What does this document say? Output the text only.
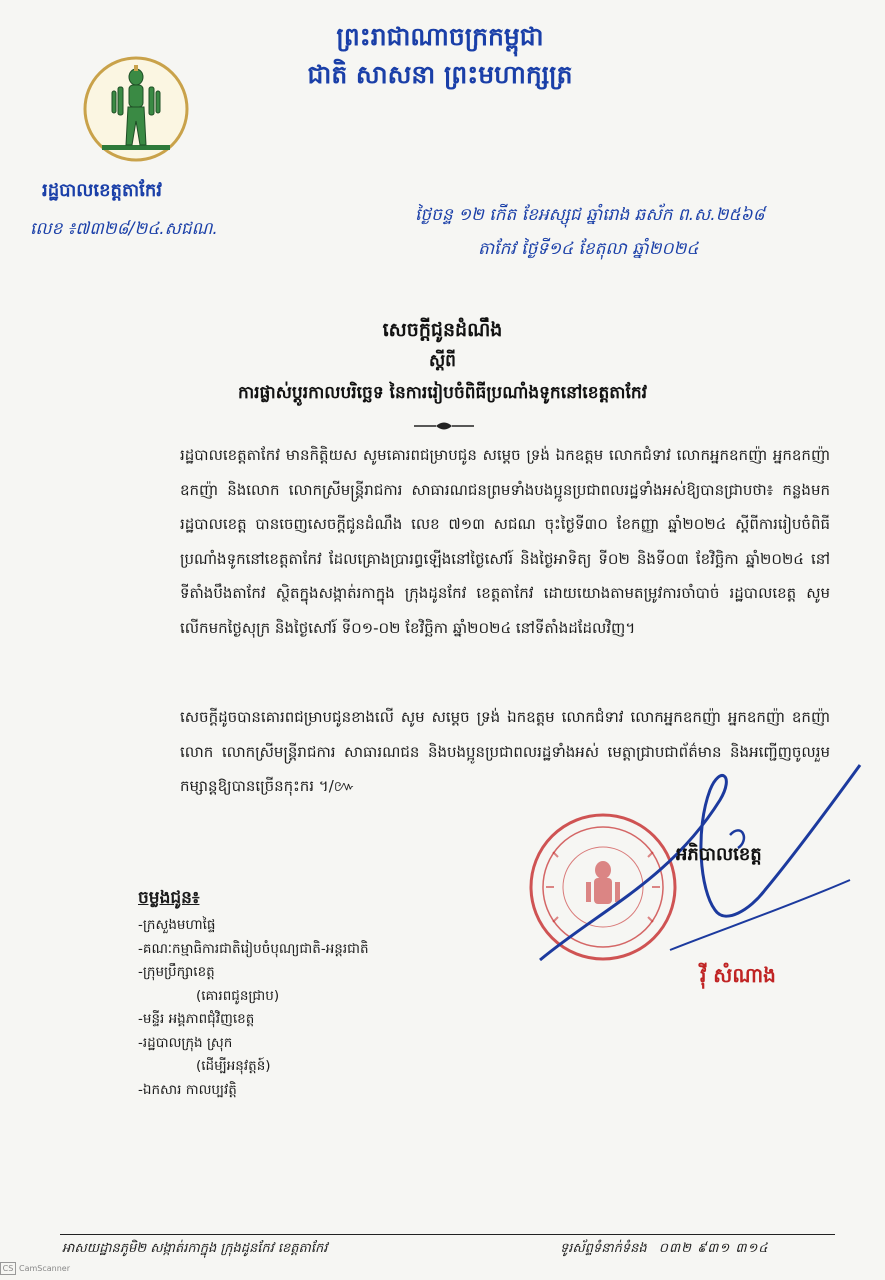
ព្រះរាជាណាចក្រកម្ពុជា
ជាតិ សាសនា ព្រះមហាក្សត្រ
រដ្ឋបាលខេត្តតាកែវ
លេខ ៖៧៣២៨/២៤.សជណ.
ថ្ងៃចន្ទ ១២ កើត ខែអស្សុជ ឆ្នាំរោង ឆស័ក ព.ស.២៥៦៨
តាកែវ ថ្ងៃទី១៤ ខែតុលា ឆ្នាំ២០២៤
សេចក្ដីជូនដំណឹង
ស្ដីពី
ការផ្លាស់ប្ដូរកាលបរិច្ឆេទ នៃការរៀបចំពិធីប្រណាំងទូកនៅខេត្តតាកែវ
រដ្ឋបាលខេត្តតាកែវ មានកិត្តិយស សូមគោរពជម្រាបជូន សម្ដេច ទ្រង់ ឯកឧត្ដម លោកជំទាវ លោកអ្នកឧកញ៉ា អ្នកឧកញ៉ា ឧកញ៉ា និងលោក លោកស្រីមន្ត្រីរាជការ សាធារណជនព្រមទាំងបងប្អូនប្រជាពលរដ្ឋទាំងអស់ឱ្យបានជ្រាបថា៖ កន្លងមក រដ្ឋបាលខេត្ត បានចេញសេចក្ដីជូនដំណឹង លេខ ៧១៣ សជណ ចុះថ្ងៃទី៣០ ខែកញ្ញា ឆ្នាំ២០២៤ ស្ដីពីការរៀបចំពិធីប្រណាំងទូកនៅខេត្តតាកែវ ដែលគ្រោងប្រារព្ធឡើងនៅថ្ងៃសៅរ៍ និងថ្ងៃអាទិត្យ ទី០២ និងទី០៣ ខែវិច្ឆិកា ឆ្នាំ២០២៤ នៅទីតាំងបឹងតាកែវ ស្ថិតក្នុងសង្កាត់រកាក្នុង ក្រុងដូនកែវ ខេត្តតាកែវ ដោយយោងតាមតម្រូវការចាំបាច់ រដ្ឋបាលខេត្ត សូមលើកមកថ្ងៃសុក្រ និងថ្ងៃសៅរ៍ ទី០១-០២ ខែវិច្ឆិកា ឆ្នាំ២០២៤ នៅទីតាំងដដែលវិញ។
សេចក្ដីដូចបានគោរពជម្រាបជូនខាងលើ សូម សម្ដេច ទ្រង់ ឯកឧត្ដម លោកជំទាវ លោកអ្នកឧកញ៉ា អ្នកឧកញ៉ា ឧកញ៉ា លោក លោកស្រីមន្ត្រីរាជការ សាធារណជន និងបងប្អូនប្រជាពលរដ្ឋទាំងអស់ មេត្តាជ្រាបជាព័ត៌មាន និងអញ្ជើញចូលរួមកម្សាន្តឱ្យបានច្រើនកុះករ ។/៚
អភិបាលខេត្ត
វ៉ី សំណាង
ចម្លងជូន៖
-ក្រសួងមហាផ្ទៃ
-គណៈកម្មាធិការជាតិរៀបចំបុណ្យជាតិ-អន្តរជាតិ
-ក្រុមប្រឹក្សាខេត្ត
(គោរពជូនជ្រាប)
-មន្ទីរ អង្គភាពជុំវិញខេត្ត
-រដ្ឋបាលក្រុង ស្រុក
(ដើម្បីអនុវត្តន៍)
-ឯកសារ កាលប្បវត្តិ
អាសយដ្ឋានភូមិ២ សង្កាត់រកាក្នុង ក្រុងដូនកែវ ខេត្តតាកែវ	ទូរស័ព្ទទំនាក់ទំនង ០៣២ ៩៣១ ៣១៤
CS CamScanner
